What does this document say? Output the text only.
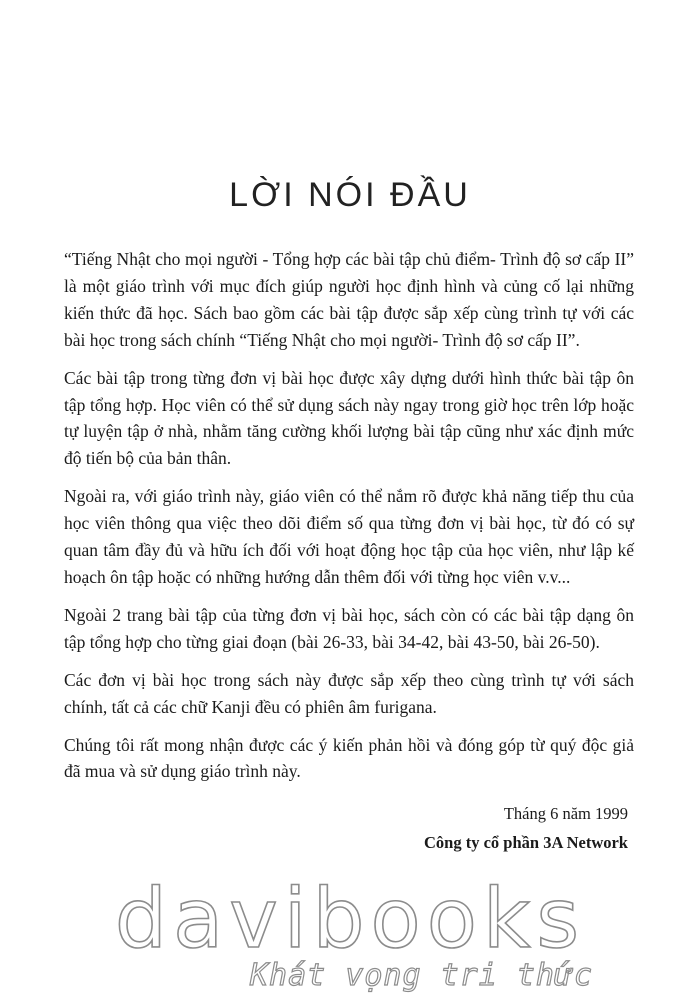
LỜI NÓI ĐẦU

“Tiếng Nhật cho mọi người - Tổng hợp các bài tập chủ điểm- Trình độ sơ cấp II” là một giáo trình với mục đích giúp người học định hình và củng cố lại những kiến thức đã học. Sách bao gồm các bài tập được sắp xếp cùng trình tự với các bài học trong sách chính “Tiếng Nhật cho mọi người- Trình độ sơ cấp II”.

Các bài tập trong từng đơn vị bài học được xây dựng dưới hình thức bài tập ôn tập tổng hợp. Học viên có thể sử dụng sách này ngay trong giờ học trên lớp hoặc tự luyện tập ở nhà, nhằm tăng cường khối lượng bài tập cũng như xác định mức độ tiến bộ của bản thân.

Ngoài ra, với giáo trình này, giáo viên có thể nắm rõ được khả năng tiếp thu của học viên thông qua việc theo dõi điểm số qua từng đơn vị bài học, từ đó có sự quan tâm đầy đủ và hữu ích đối với hoạt động học tập của học viên, như lập kế hoạch ôn tập hoặc có những hướng dẫn thêm đối với từng học viên v.v...

Ngoài 2 trang bài tập của từng đơn vị bài học, sách còn có các bài tập dạng ôn tập tổng hợp cho từng giai đoạn (bài 26-33, bài 34-42, bài 43-50, bài 26-50).

Các đơn vị bài học trong sách này được sắp xếp theo cùng trình tự với sách chính, tất cả các chữ Kanji đều có phiên âm furigana.

Chúng tôi rất mong nhận được các ý kiến phản hồi và đóng góp từ quý độc giả đã mua và sử dụng giáo trình này.

Tháng 6 năm 1999
Công ty cổ phần 3A Network
davibooks
Khát vọng tri thức
